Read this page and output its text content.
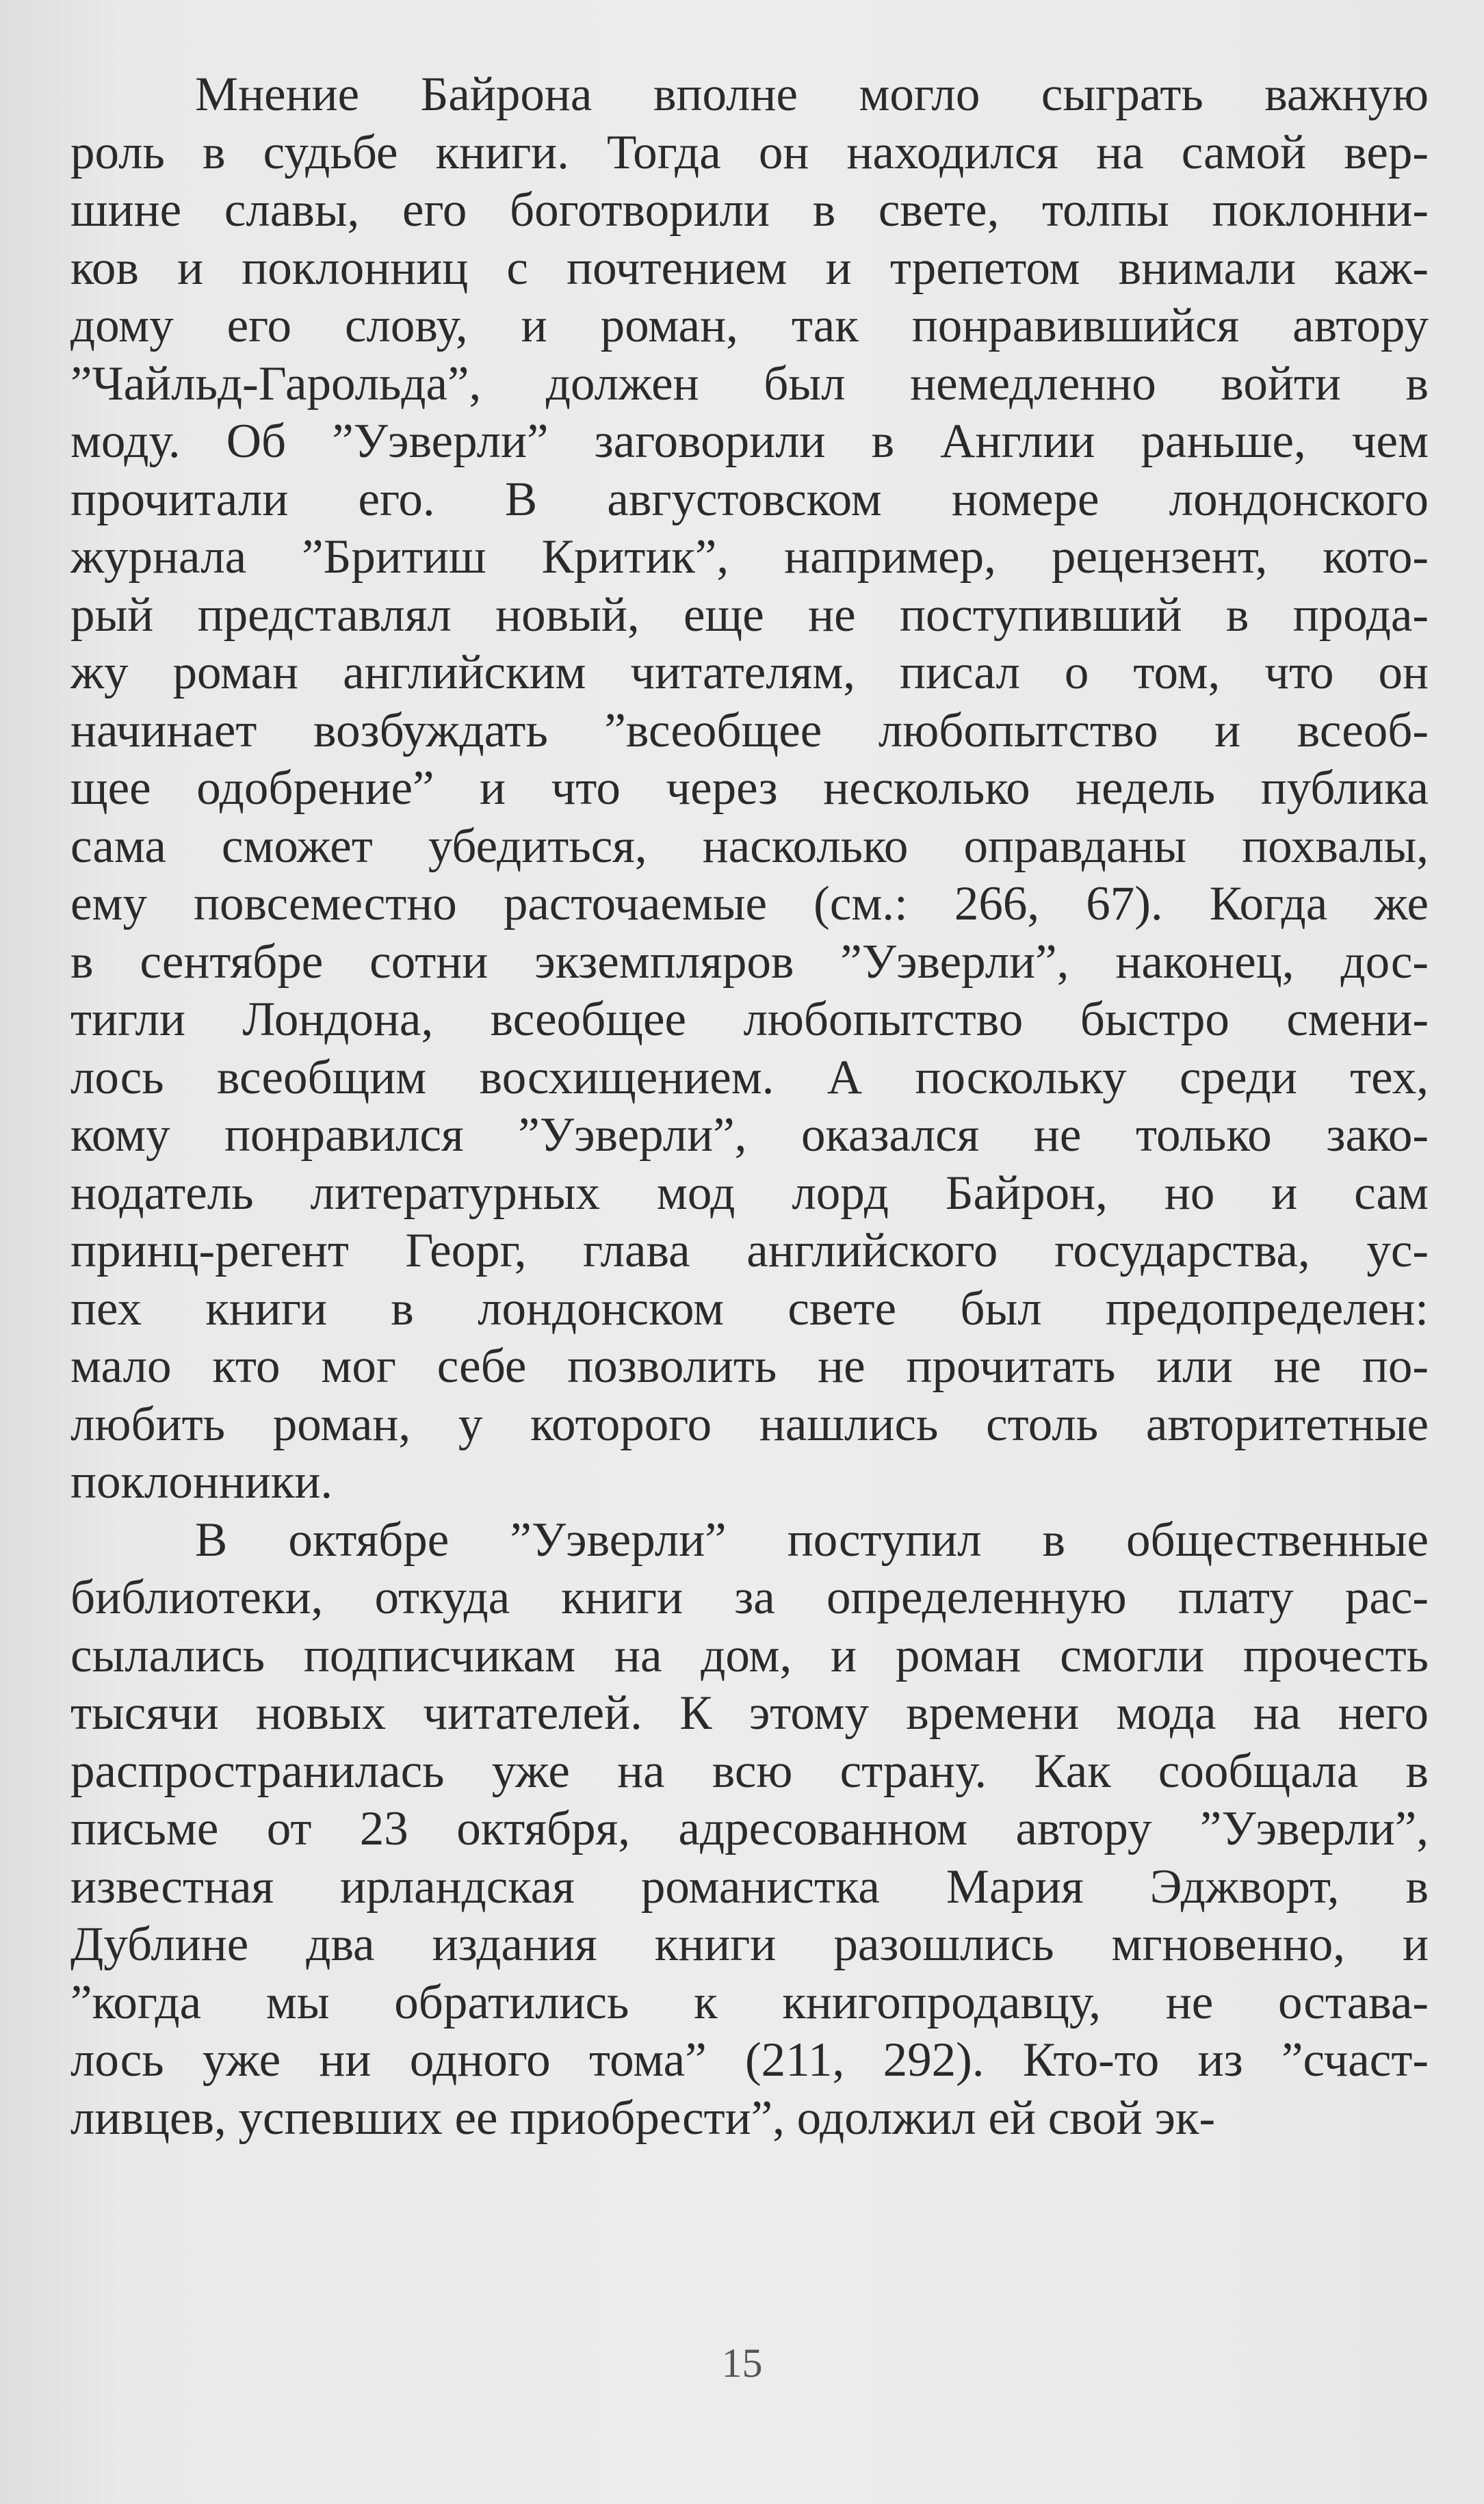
Мнение Байрона вполне могло сыграть важную
роль в судьбе книги. Тогда он находился на самой вер-
шине славы, его боготворили в свете, толпы поклонни-
ков и поклонниц с почтением и трепетом внимали каж-
дому его слову, и роман, так понравившийся автору
”Чайльд-Гарольда”, должен был немедленно войти в
моду. Об ”Уэверли” заговорили в Англии раньше, чем
прочитали его. В августовском номере лондонского
журнала ”Бритиш Критик”, например, рецензент, кото-
рый представлял новый, еще не поступивший в прода-
жу роман английским читателям, писал о том, что он
начинает возбуждать ”всеобщее любопытство и всеоб-
щее одобрение” и что через несколько недель публика
сама сможет убедиться, насколько оправданы похвалы,
ему повсеместно расточаемые (см.: 266, 67). Когда же
в сентябре сотни экземпляров ”Уэверли”, наконец, дос-
тигли Лондона, всеобщее любопытство быстро смени-
лось всеобщим восхищением. А поскольку среди тех,
кому понравился ”Уэверли”, оказался не только зако-
нодатель литературных мод лорд Байрон, но и сам
принц-регент Георг, глава английского государства, ус-
пех книги в лондонском свете был предопределен:
мало кто мог себе позволить не прочитать или не по-
любить роман, у которого нашлись столь авторитетные
поклонники.
В октябре ”Уэверли” поступил в общественные
библиотеки, откуда книги за определенную плату рас-
сылались подписчикам на дом, и роман смогли прочесть
тысячи новых читателей. К этому времени мода на него
распространилась уже на всю страну. Как сообщала в
письме от 23 октября, адресованном автору ”Уэверли”,
известная ирландская романистка Мария Эджворт, в
Дублине два издания книги разошлись мгновенно, и
”когда мы обратились к книгопродавцу, не остава-
лось уже ни одного тома” (211, 292). Кто-то из ”счаст-
ливцев, успевших ее приобрести”, одолжил ей свой эк-
15
